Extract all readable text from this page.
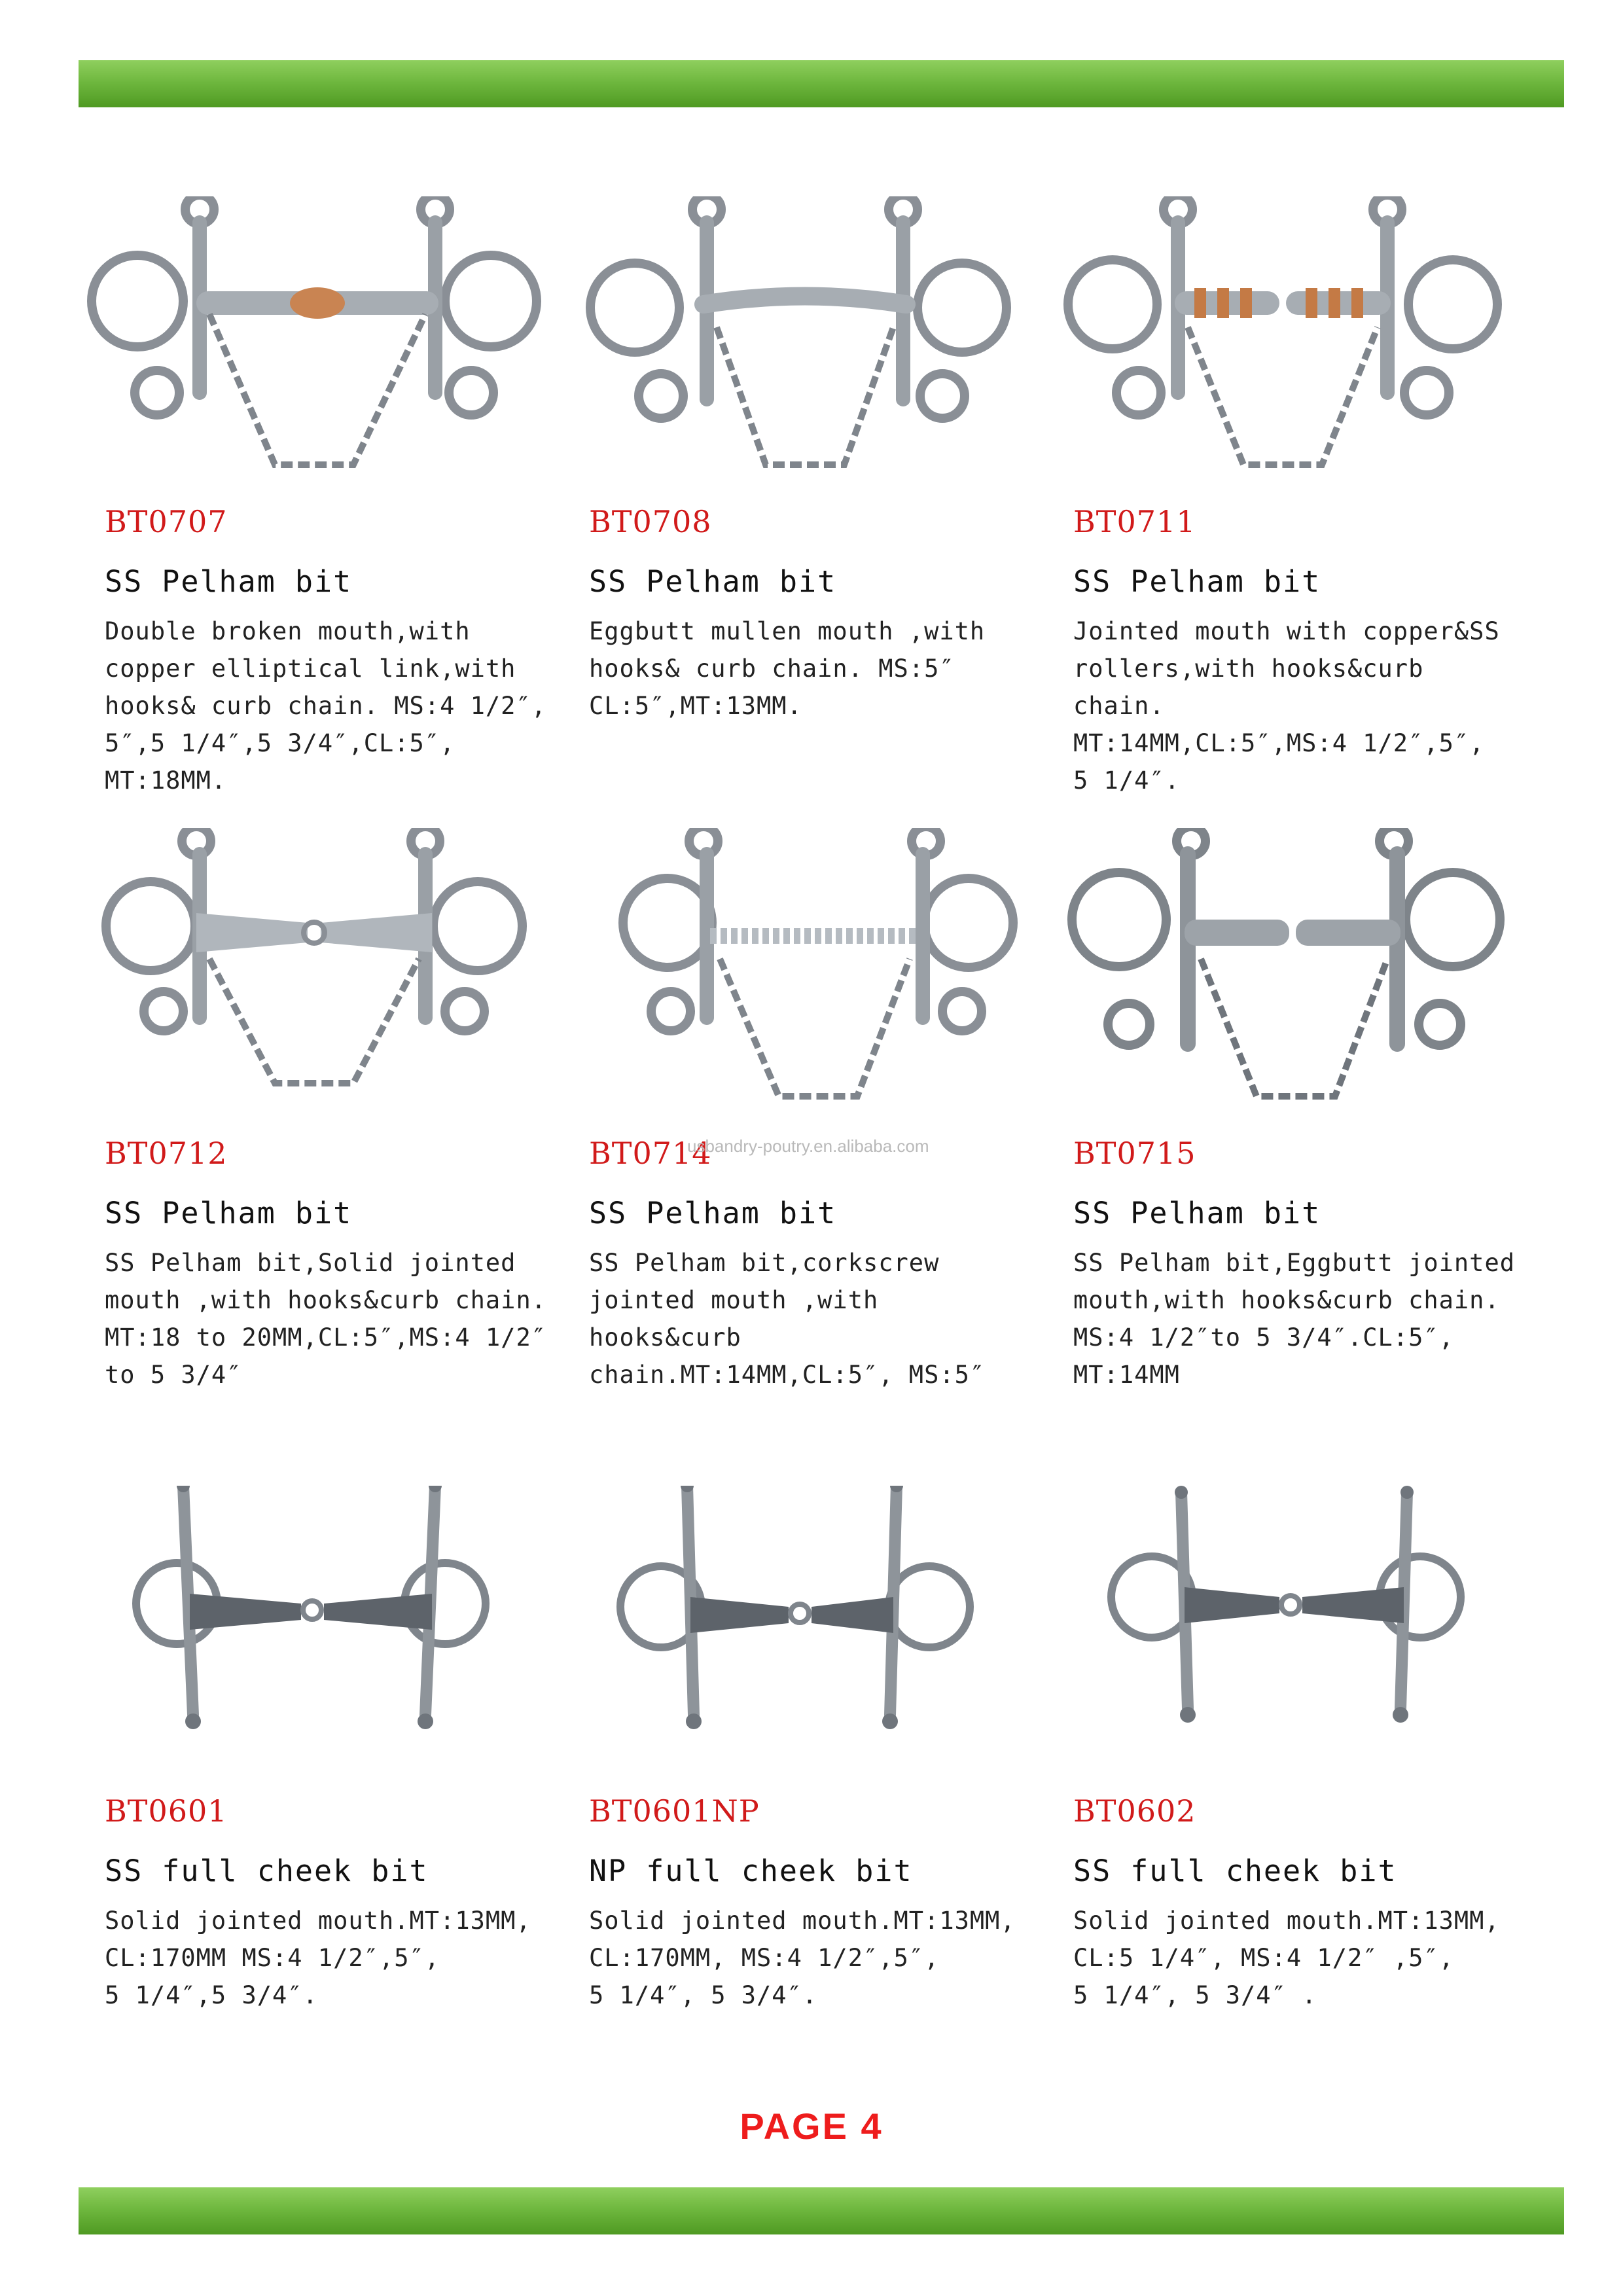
BT0707
SS Pelham bit
Double broken mouth,with
copper elliptical link,with
hooks& curb chain. MS:4 1/2″,
5″,5 1/4″,5 3/4″,CL:5″,
MT:18MM.
BT0708
SS Pelham bit
Eggbutt mullen mouth ,with
hooks& curb chain. MS:5″
CL:5″,MT:13MM.
BT0711
SS Pelham bit
Jointed mouth with copper&SS
rollers,with hooks&curb chain.
MT:14MM,CL:5″,MS:4 1/2″,5″,
5 1/4″.
BT0712
SS Pelham bit
SS Pelham bit,Solid jointed
mouth ,with hooks&curb chain.
MT:18 to 20MM,CL:5″,MS:4 1/2″
to 5 3/4″
BT0714
SS Pelham bit
SS Pelham bit,corkscrew
jointed mouth ,with hooks&curb
chain.MT:14MM,CL:5″, MS:5″
BT0715
SS Pelham bit
SS Pelham bit,Eggbutt jointed
mouth,with hooks&curb chain.
MS:4 1/2″to 5 3/4″.CL:5″,
MT:14MM
usbandry-poutry.en.alibaba.com
BT0601
SS full cheek bit
Solid jointed mouth.MT:13MM,
CL:170MM MS:4 1/2″,5″,
5 1/4″,5 3/4″.
BT0601NP
NP full cheek bit
Solid jointed mouth.MT:13MM,
CL:170MM, MS:4 1/2″,5″,
5 1/4″, 5 3/4″.
BT0602
SS full cheek bit
Solid jointed mouth.MT:13MM,
CL:5 1/4″, MS:4 1/2″ ,5″,
5 1/4″, 5 3/4″ .
PAGE 4
